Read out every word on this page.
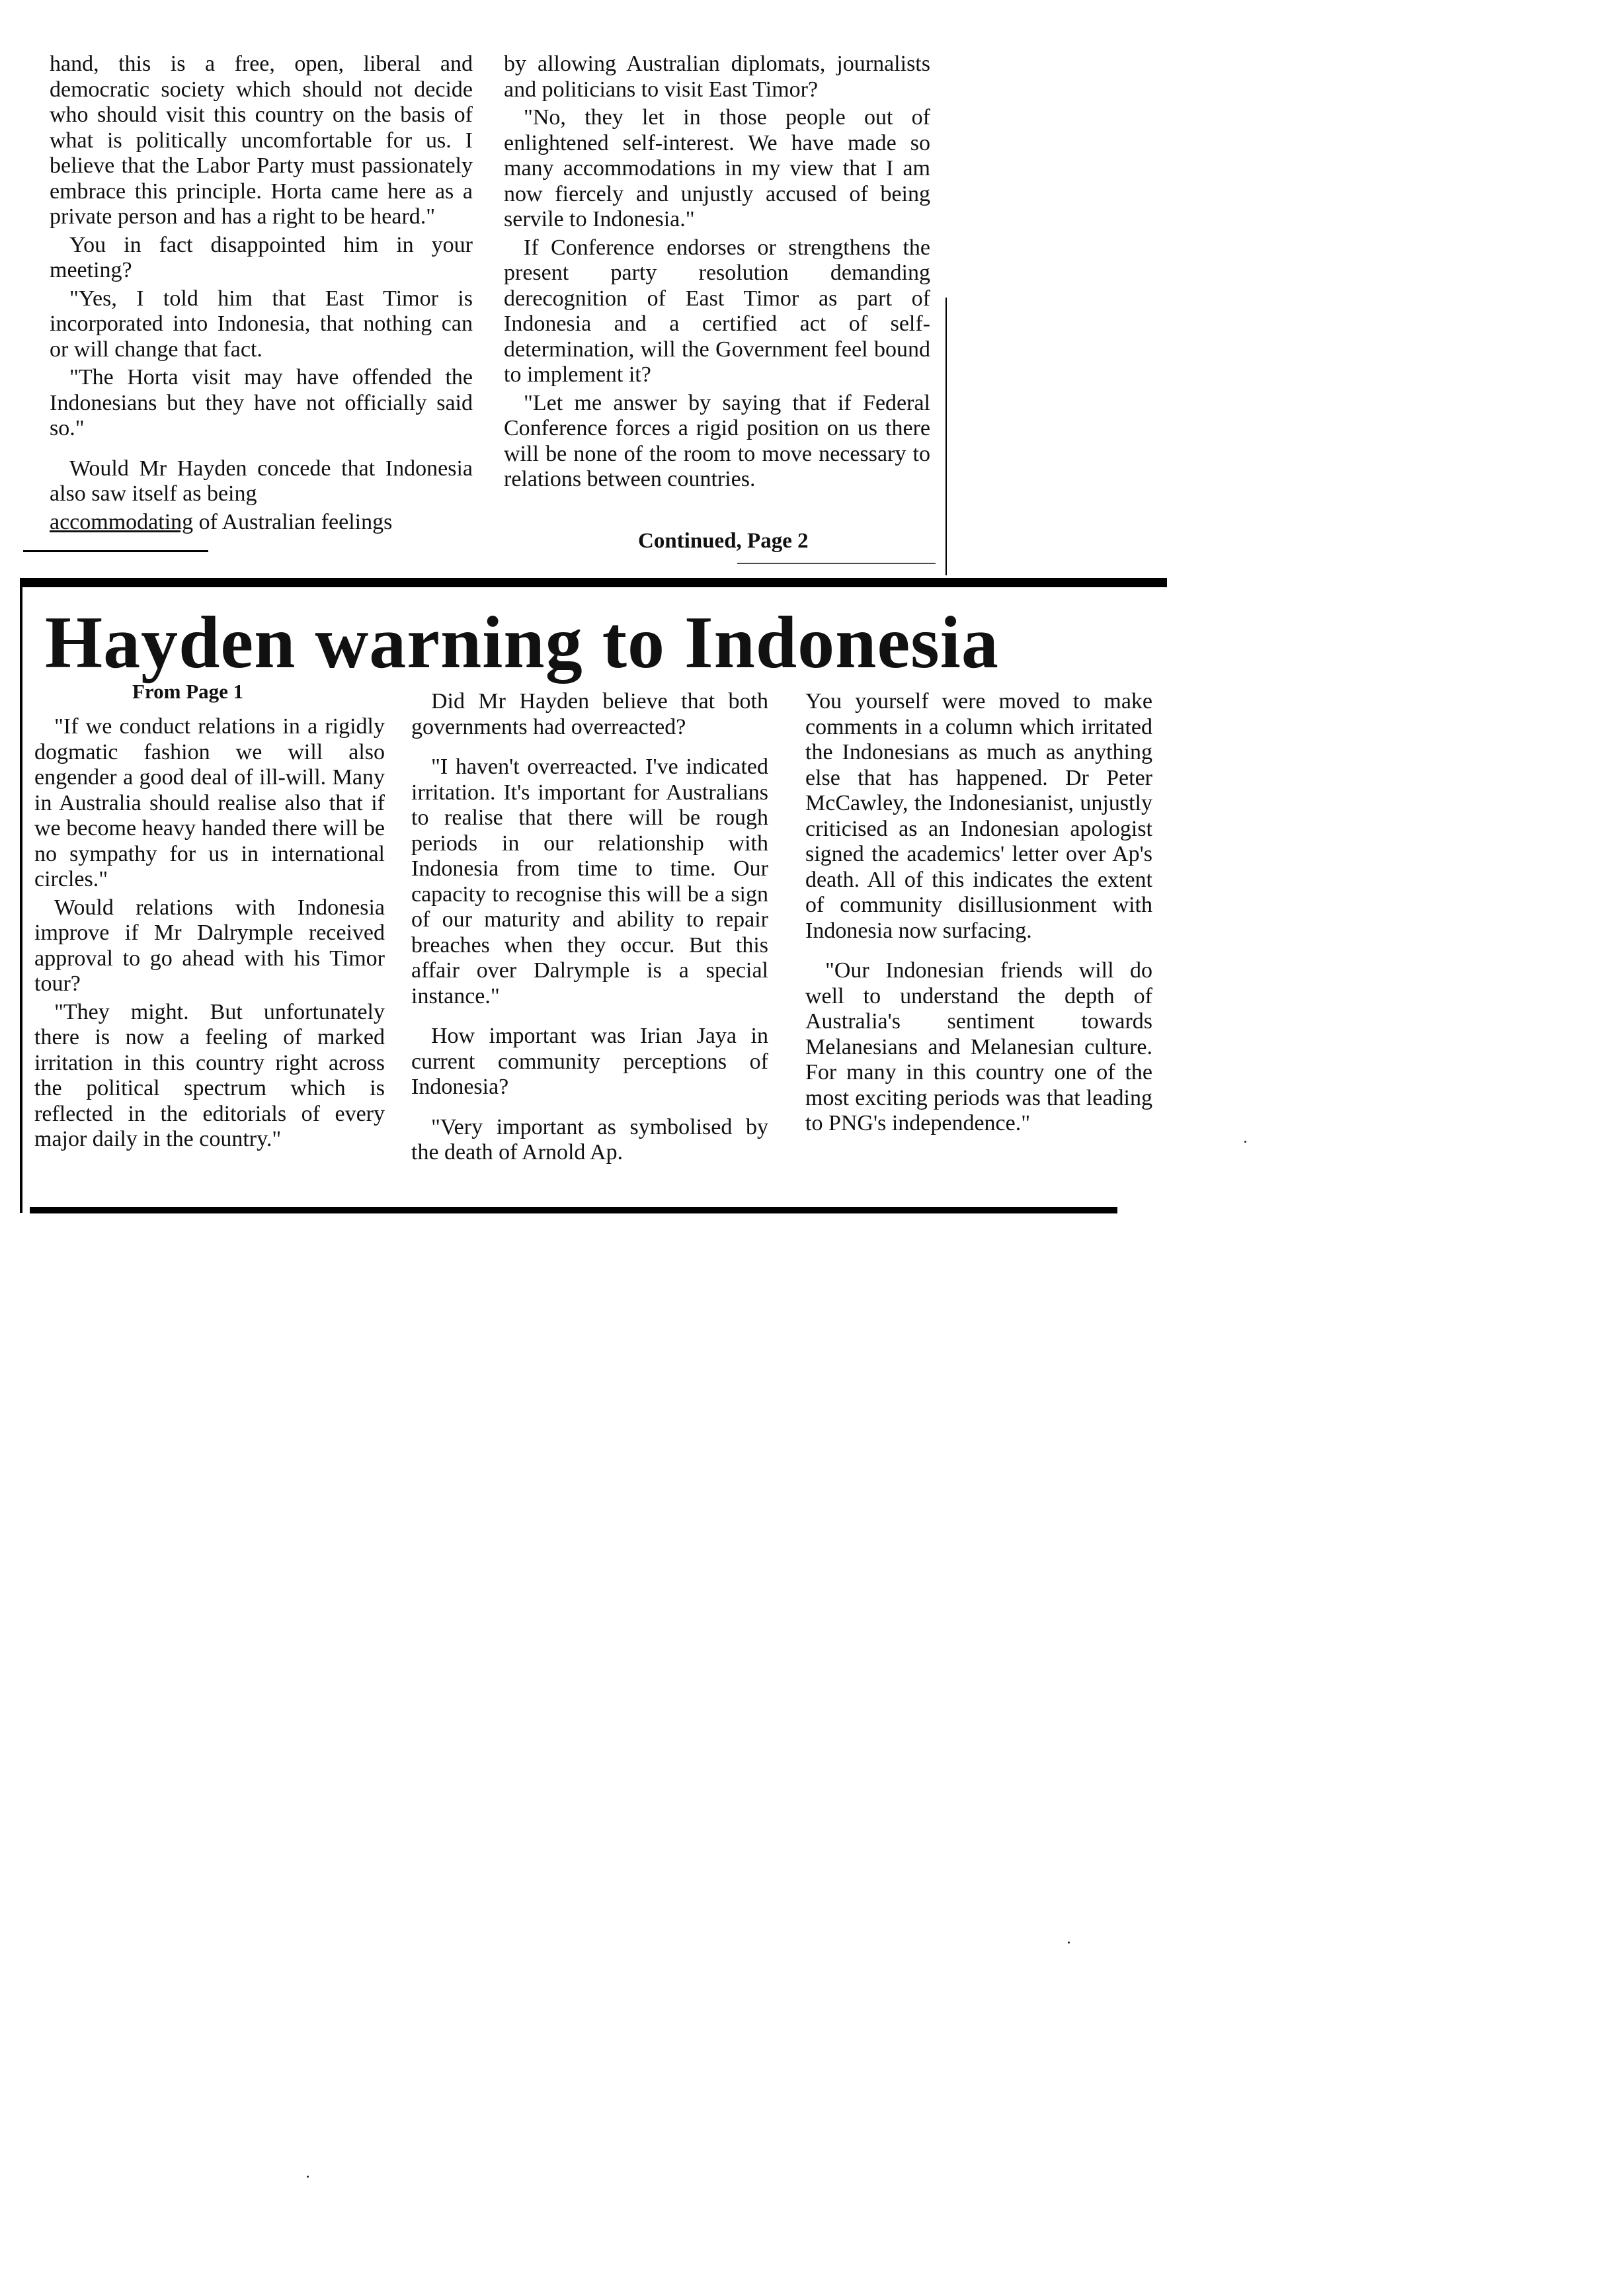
hand, this is a free, open, liberal and democratic society which should not decide who should visit this country on the basis of what is politically uncomfortable for us. I believe that the Labor Party must passionately embrace this principle. Horta came here as a private person and has a right to be heard."

You in fact disappointed him in your meeting?

"Yes, I told him that East Timor is incorporated into Indonesia, that nothing can or will change that fact.

"The Horta visit may have offended the Indonesians but they have not officially said so."

Would Mr Hayden concede that Indonesia also saw itself as being

accommodating of Australian feelings

by allowing Australian diplomats, journalists and politicians to visit East Timor?

"No, they let in those people out of enlightened self-interest. We have made so many accommodations in my view that I am now fiercely and unjustly accused of being servile to Indonesia."

If Conference endorses or strengthens the present party resolution demanding derecognition of East Timor as part of Indonesia and a certified act of self-determination, will the Government feel bound to implement it?

"Let me answer by saying that if Federal Conference forces a rigid position on us there will be none of the room to move necessary to relations between countries.

Continued, Page 2
Hayden warning to Indonesia
From Page 1

"If we conduct relations in a rigidly dogmatic fashion we will also engender a good deal of ill-will. Many in Australia should realise also that if we become heavy handed there will be no sympathy for us in international circles."

Would relations with Indonesia improve if Mr Dalrymple received approval to go ahead with his Timor tour?

"They might. But unfortunately there is now a feeling of marked irritation in this country right across the political spectrum which is reflected in the editorials of every major daily in the country."

Did Mr Hayden believe that both governments had overreacted?

"I haven't overreacted. I've indicated irritation. It's important for Australians to realise that there will be rough periods in our relationship with Indonesia from time to time. Our capacity to recognise this will be a sign of our maturity and ability to repair breaches when they occur. But this affair over Dalrymple is a special instance."

How important was Irian Jaya in current community perceptions of Indonesia?

"Very important as symbolised by the death of Arnold Ap.

You yourself were moved to make comments in a column which irritated the Indonesians as much as anything else that has happened. Dr Peter McCawley, the Indonesianist, unjustly criticised as an Indonesian apologist signed the academics' letter over Ap's death. All of this indicates the extent of community disillusionment with Indonesia now surfacing.

"Our Indonesian friends will do well to understand the depth of Australia's sentiment towards Melanesians and Melanesian culture. For many in this country one of the most exciting periods was that leading to PNG's independence."
